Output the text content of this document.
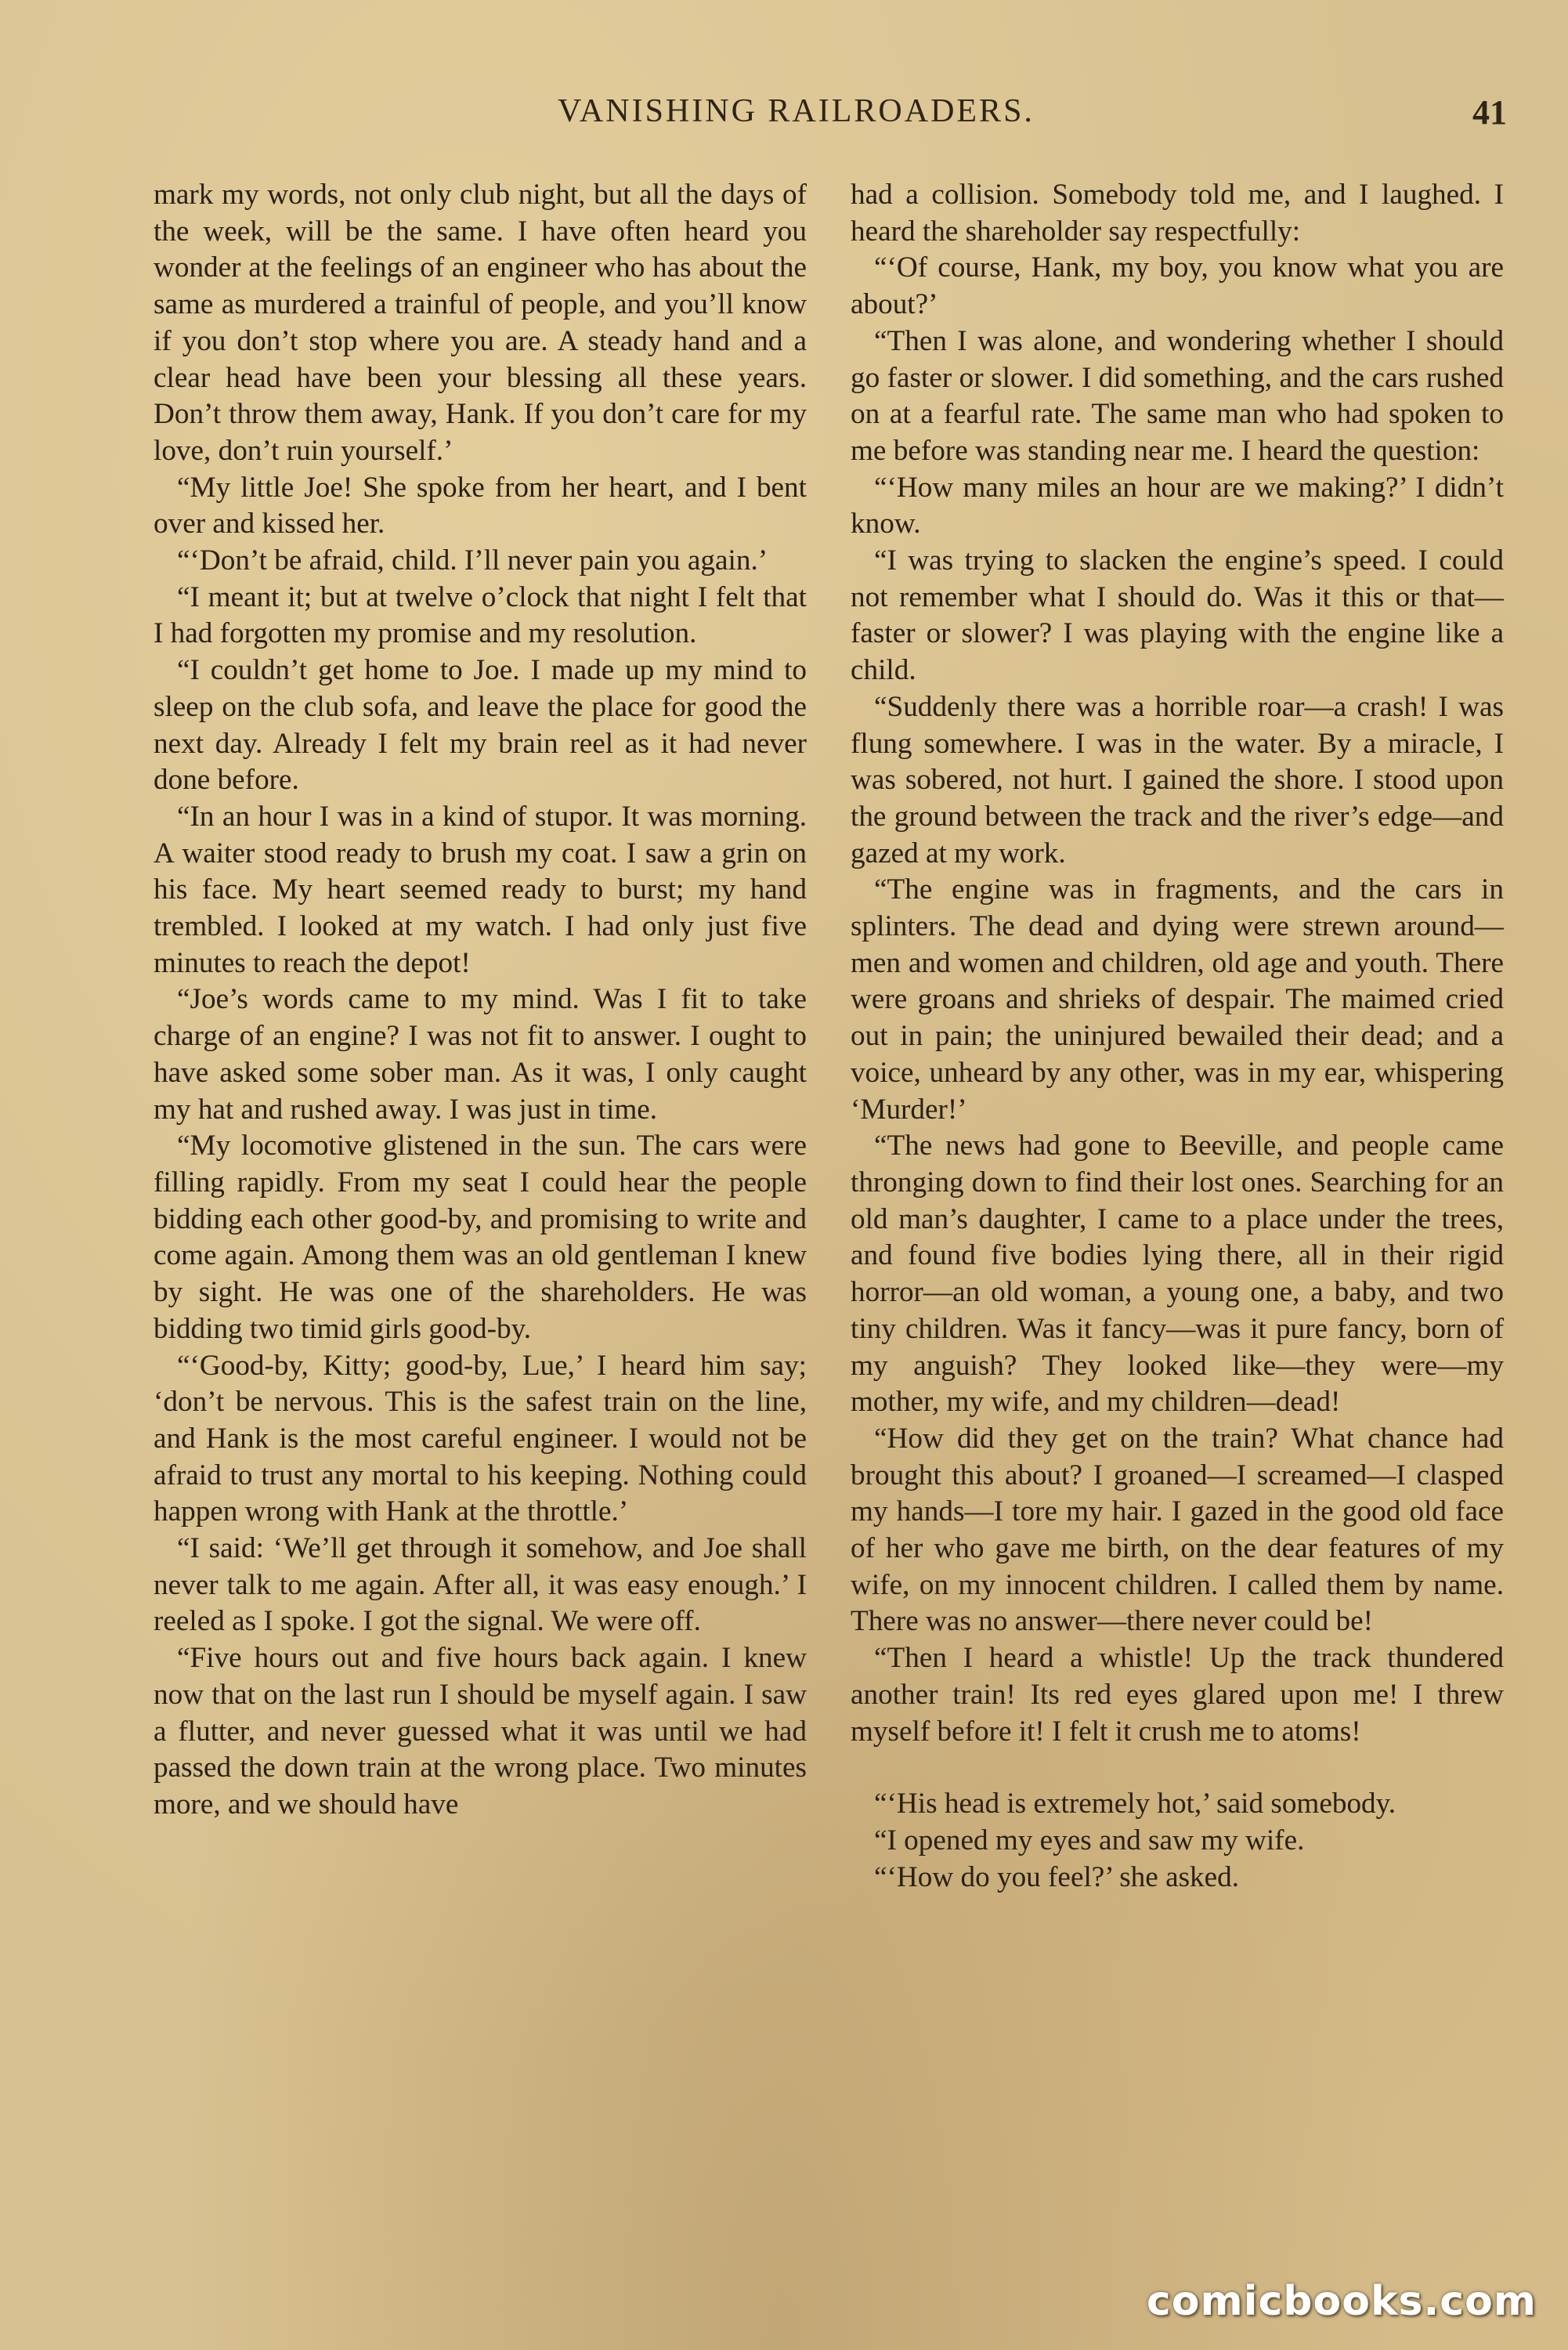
VANISHING RAILROADERS.	41

mark my words, not only club night, but all the days of the week, will be the same. I have often heard you wonder at the feelings of an engineer who has about the same as murdered a trainful of people, and you’ll know if you don’t stop where you are. A steady hand and a clear head have been your blessing all these years. Don’t throw them away, Hank. If you don’t care for my love, don’t ruin yourself.’

“My little Joe! She spoke from her heart, and I bent over and kissed her.

“‘Don’t be afraid, child. I’ll never pain you again.’

“I meant it; but at twelve o’clock that night I felt that I had forgotten my promise and my resolution.

“I couldn’t get home to Joe. I made up my mind to sleep on the club sofa, and leave the place for good the next day. Already I felt my brain reel as it had never done before.

“In an hour I was in a kind of stupor. It was morning. A waiter stood ready to brush my coat. I saw a grin on his face. My heart seemed ready to burst; my hand trembled. I looked at my watch. I had only just five minutes to reach the depot!

“Joe’s words came to my mind. Was I fit to take charge of an engine? I was not fit to answer. I ought to have asked some sober man. As it was, I only caught my hat and rushed away. I was just in time.

“My locomotive glistened in the sun. The cars were filling rapidly. From my seat I could hear the people bidding each other good-by, and promising to write and come again. Among them was an old gentleman I knew by sight. He was one of the shareholders. He was bidding two timid girls good-by.

“‘Good-by, Kitty; good-by, Lue,’ I heard him say; ‘don’t be nervous. This is the safest train on the line, and Hank is the most careful engineer. I would not be afraid to trust any mortal to his keeping. Nothing could happen wrong with Hank at the throttle.’

“I said: ‘We’ll get through it somehow, and Joe shall never talk to me again. After all, it was easy enough.’ I reeled as I spoke. I got the signal. We were off.

“Five hours out and five hours back again. I knew now that on the last run I should be myself again. I saw a flutter, and never guessed what it was until we had passed the down train at the wrong place. Two minutes more, and we should have

had a collision. Somebody told me, and I laughed. I heard the shareholder say respectfully:

“‘Of course, Hank, my boy, you know what you are about?’

“Then I was alone, and wondering whether I should go faster or slower. I did something, and the cars rushed on at a fearful rate. The same man who had spoken to me before was standing near me. I heard the question:

“‘How many miles an hour are we making?’ I didn’t know.

“I was trying to slacken the engine’s speed. I could not remember what I should do. Was it this or that—faster or slower? I was playing with the engine like a child.

“Suddenly there was a horrible roar—a crash! I was flung somewhere. I was in the water. By a miracle, I was sobered, not hurt. I gained the shore. I stood upon the ground between the track and the river’s edge—and gazed at my work.

“The engine was in fragments, and the cars in splinters. The dead and dying were strewn around—men and women and children, old age and youth. There were groans and shrieks of despair. The maimed cried out in pain; the uninjured bewailed their dead; and a voice, unheard by any other, was in my ear, whispering ‘Murder!’

“The news had gone to Beeville, and people came thronging down to find their lost ones. Searching for an old man’s daughter, I came to a place under the trees, and found five bodies lying there, all in their rigid horror—an old woman, a young one, a baby, and two tiny children. Was it fancy—was it pure fancy, born of my anguish? They looked like—they were—my mother, my wife, and my children—dead!

“How did they get on the train? What chance had brought this about? I groaned—I screamed—I clasped my hands—I tore my hair. I gazed in the good old face of her who gave me birth, on the dear features of my wife, on my innocent children. I called them by name. There was no answer—there never could be!

“Then I heard a whistle! Up the track thundered another train! Its red eyes glared upon me! I threw myself before it! I felt it crush me to atoms!

“‘His head is extremely hot,’ said somebody.

“I opened my eyes and saw my wife.

“‘How do you feel?’ she asked.

comicbooks.com
